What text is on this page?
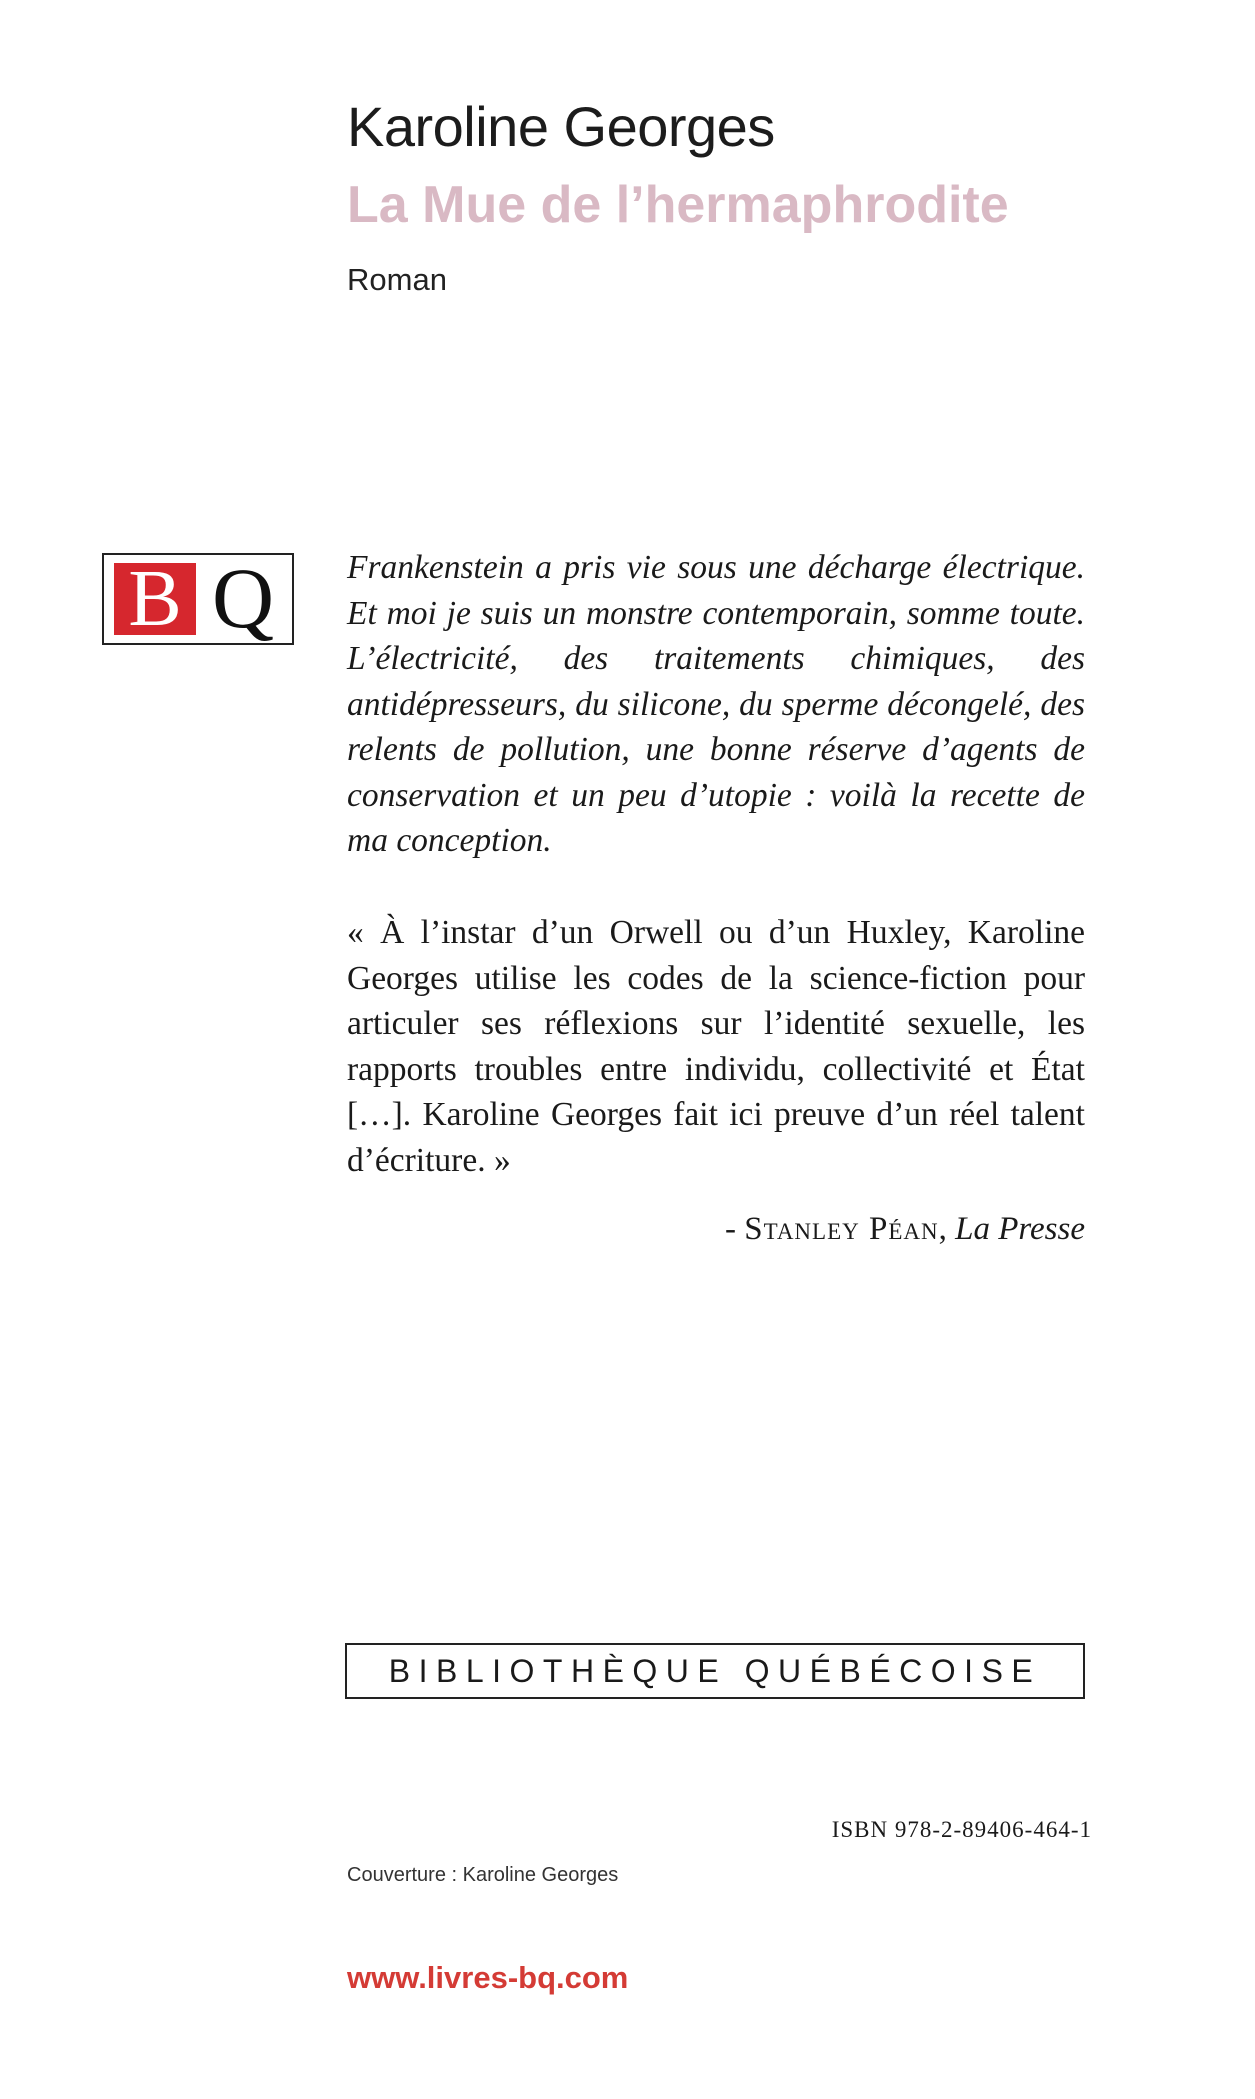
Karoline Georges
La Mue de l’hermaphrodite
Roman
B Q	Frankenstein a pris vie sous une décharge électrique. Et moi je suis un monstre contemporain, somme toute. L’électricité, des traitements chimiques, des antidépresseurs, du silicone, du sperme décongelé, des relents de pollution, une bonne réserve d’agents de conservation et un peu d’utopie : voilà la recette de ma conception.

« À l’instar d’un Orwell ou d’un Huxley, Karoline Georges utilise les codes de la science-fiction pour articuler ses réflexions sur l’identité sexuelle, les rapports troubles entre individu, collectivité et État […]. Karoline Georges fait ici preuve d’un réel talent d’écriture. »

- Stanley Péan, La Presse
BIBLIOTHÈQUE QUÉBÉCOISE
ISBN 978-2-89406-464-1
Couverture : Karoline Georges
www.livres-bq.com
